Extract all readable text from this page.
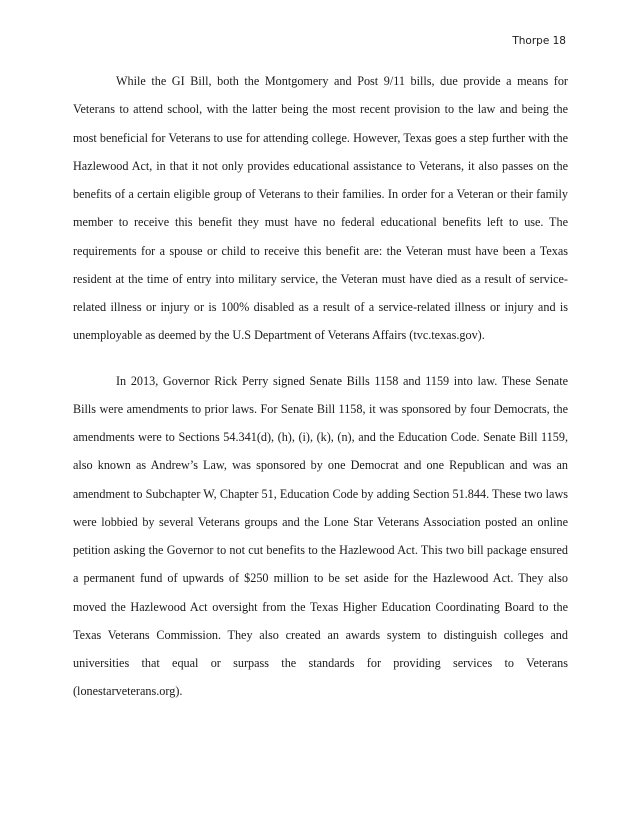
Thorpe 18

While the GI Bill, both the Montgomery and Post 9/11 bills, due provide a means for Veterans to attend school, with the latter being the most recent provision to the law and being the most beneficial for Veterans to use for attending college. However, Texas goes a step further with the Hazlewood Act, in that it not only provides educational assistance to Veterans, it also passes on the benefits of a certain eligible group of Veterans to their families. In order for a Veteran or their family member to receive this benefit they must have no federal educational benefits left to use. The requirements for a spouse or child to receive this benefit are: the Veteran must have been a Texas resident at the time of entry into military service, the Veteran must have died as a result of service-related illness or injury or is 100% disabled as a result of a service-related illness or injury and is unemployable as deemed by the U.S Department of Veterans Affairs (tvc.texas.gov).

In 2013, Governor Rick Perry signed Senate Bills 1158 and 1159 into law. These Senate Bills were amendments to prior laws. For Senate Bill 1158, it was sponsored by four Democrats, the amendments were to Sections 54.341(d), (h), (i), (k), (n), and the Education Code. Senate Bill 1159, also known as Andrew’s Law, was sponsored by one Democrat and one Republican and was an amendment to Subchapter W, Chapter 51, Education Code by adding Section 51.844. These two laws were lobbied by several Veterans groups and the Lone Star Veterans Association posted an online petition asking the Governor to not cut benefits to the Hazlewood Act. This two bill package ensured a permanent fund of upwards of $250 million to be set aside for the Hazlewood Act. They also moved the Hazlewood Act oversight from the Texas Higher Education Coordinating Board to the Texas Veterans Commission. They also created an awards system to distinguish colleges and universities that equal or surpass the standards for providing services to Veterans (lonestarveterans.org).
